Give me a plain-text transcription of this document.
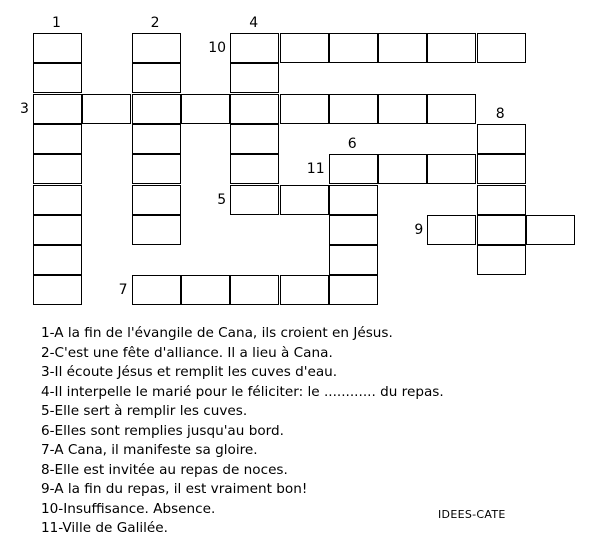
1	2	4
10
3	8
6
11
5
9
7
1-A la fin de l'évangile de Cana, ils croient en Jésus.
2-C'est une fête d'alliance. Il a lieu à Cana.
3-Il écoute Jésus et remplit les cuves d'eau.
4-Il interpelle le marié pour le féliciter: le ............ du repas.
5-Elle sert à remplir les cuves.
6-Elles sont remplies jusqu'au bord.
7-A Cana, il manifeste sa gloire.
8-Elle est invitée au repas de noces.
9-A la fin du repas, il est vraiment bon!
10-Insuffisance. Absence.
11-Ville de Galilée.
IDEES-CATE
